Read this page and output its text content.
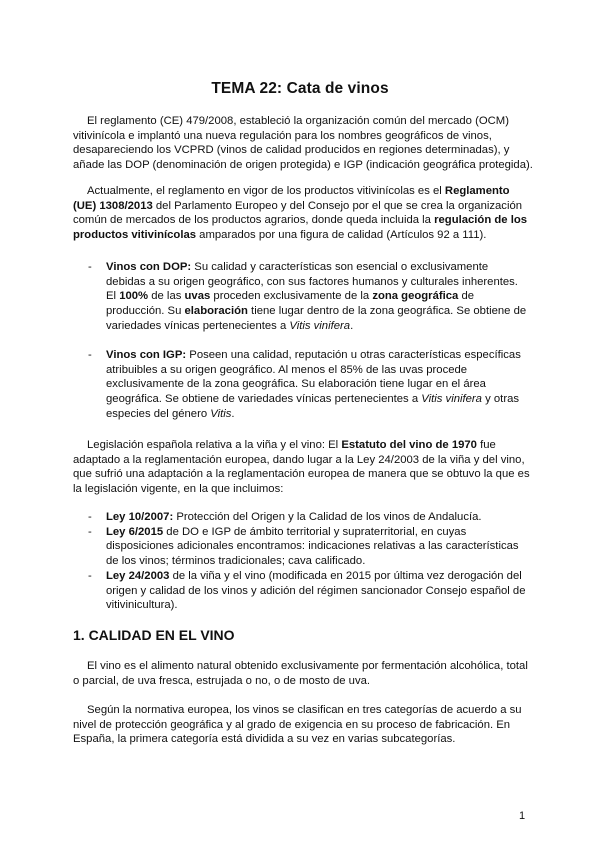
TEMA 22: Cata de vinos

El reglamento (CE) 479/2008, estableció la organización común del mercado (OCM) vitivinícola e implantó una nueva regulación para los nombres geográficos de vinos, desapareciendo los VCPRD (vinos de calidad producidos en regiones determinadas), y añade las DOP (denominación de origen protegida) e IGP (indicación geográfica protegida).

Actualmente, el reglamento en vigor de los productos vitivinícolas es el Reglamento (UE) 1308/2013 del Parlamento Europeo y del Consejo por el que se crea la organización común de mercados de los productos agrarios, donde queda incluida la regulación de los productos vitivinícolas amparados por una figura de calidad (Artículos 92 a 111).

- Vinos con DOP: Su calidad y características son esencial o exclusivamente debidas a su origen geográfico, con sus factores humanos y culturales inherentes. El 100% de las uvas proceden exclusivamente de la zona geográfica de producción. Su elaboración tiene lugar dentro de la zona geográfica. Se obtiene de variedades vínicas pertenecientes a Vitis vinifera.
- Vinos con IGP: Poseen una calidad, reputación u otras características específicas atribuibles a su origen geográfico. Al menos el 85% de las uvas procede exclusivamente de la zona geográfica. Su elaboración tiene lugar en el área geográfica. Se obtiene de variedades vínicas pertenecientes a Vitis vinifera y otras especies del género Vitis.

Legislación española relativa a la viña y el vino: El Estatuto del vino de 1970 fue adaptado a la reglamentación europea, dando lugar a la Ley 24/2003 de la viña y del vino, que sufrió una adaptación a la reglamentación europea de manera que se obtuvo la que es la legislación vigente, en la que incluimos:

- Ley 10/2007: Protección del Origen y la Calidad de los vinos de Andalucía.
- Ley 6/2015 de DO e IGP de ámbito territorial y supraterritorial, en cuyas disposiciones adicionales encontramos: indicaciones relativas a las características de los vinos; términos tradicionales; cava calificado.
- Ley 24/2003 de la viña y el vino (modificada en 2015 por última vez derogación del origen y calidad de los vinos y adición del régimen sancionador Consejo español de vitivinicultura).
1. CALIDAD EN EL VINO

El vino es el alimento natural obtenido exclusivamente por fermentación alcohólica, total o parcial, de uva fresca, estrujada o no, o de mosto de uva.

Según la normativa europea, los vinos se clasifican en tres categorías de acuerdo a su nivel de protección geográfica y al grado de exigencia en su proceso de fabricación. En España, la primera categoría está dividida a su vez en varias subcategorías.

1
